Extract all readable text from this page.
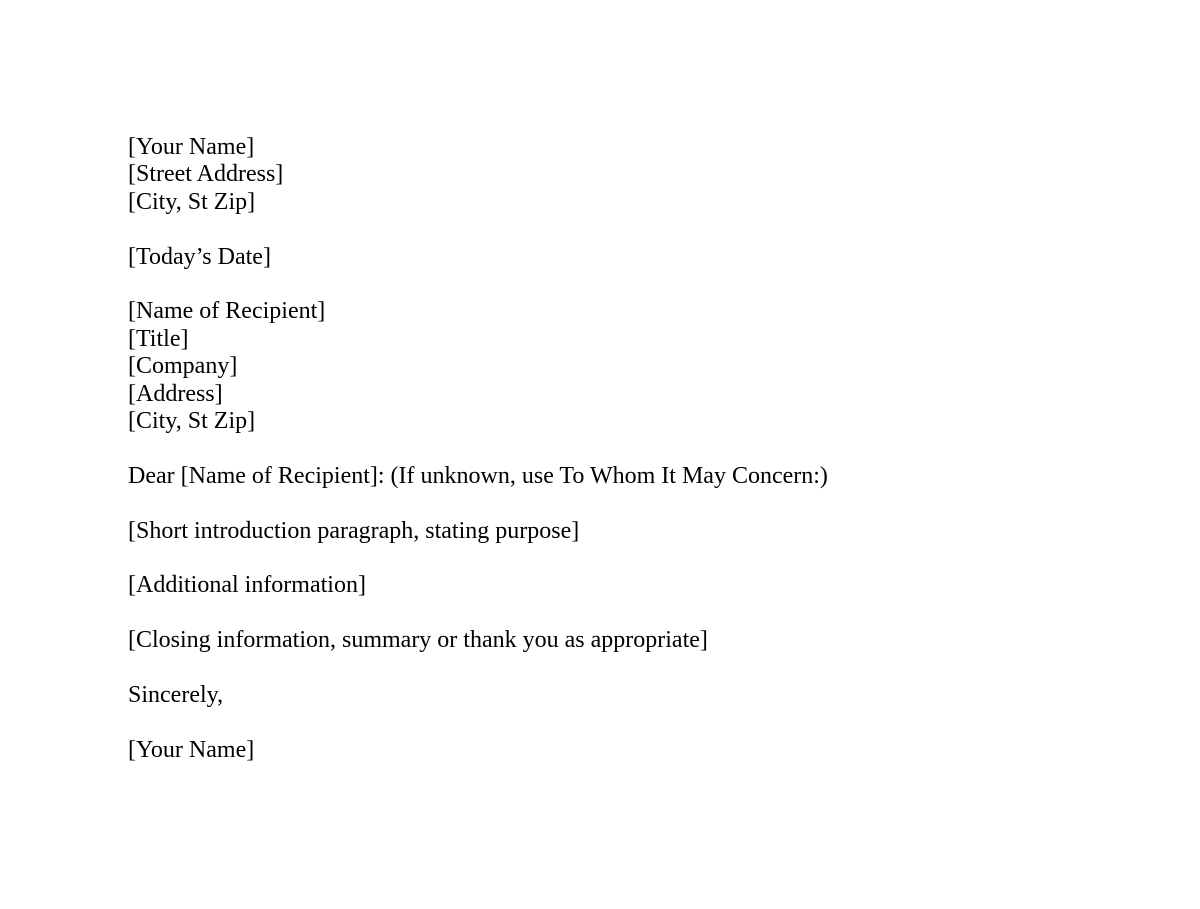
[Your Name]
[Street Address]
[City, St Zip]
[Today’s Date]
[Name of Recipient]
[Title]
[Company]
[Address]
[City, St Zip]
Dear [Name of Recipient]: (If unknown, use To Whom It May Concern:)
[Short introduction paragraph, stating purpose]
[Additional information]
[Closing information, summary or thank you as appropriate]
Sincerely,
[Your Name]
